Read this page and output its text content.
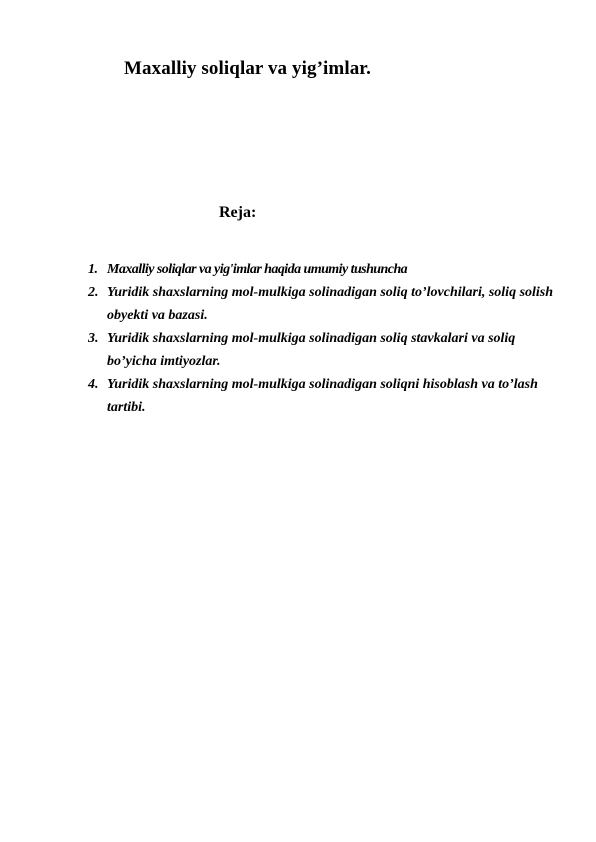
Maxalliy soliqlar va yig’imlar.
Reja:
1. Maxalliy soliqlar va yig'imlar haqida umumiy tushuncha
2. Yuridik shaxslarning mol-mulkiga solinadigan soliq to’lovchilari, soliq solish obyekti va bazasi.
3. Yuridik shaxslarning mol-mulkiga solinadigan soliq stavkalari va soliq bo’yicha imtiyozlar.
4. Yuridik shaxslarning mol-mulkiga solinadigan soliqni hisoblash va to’lash tartibi.
